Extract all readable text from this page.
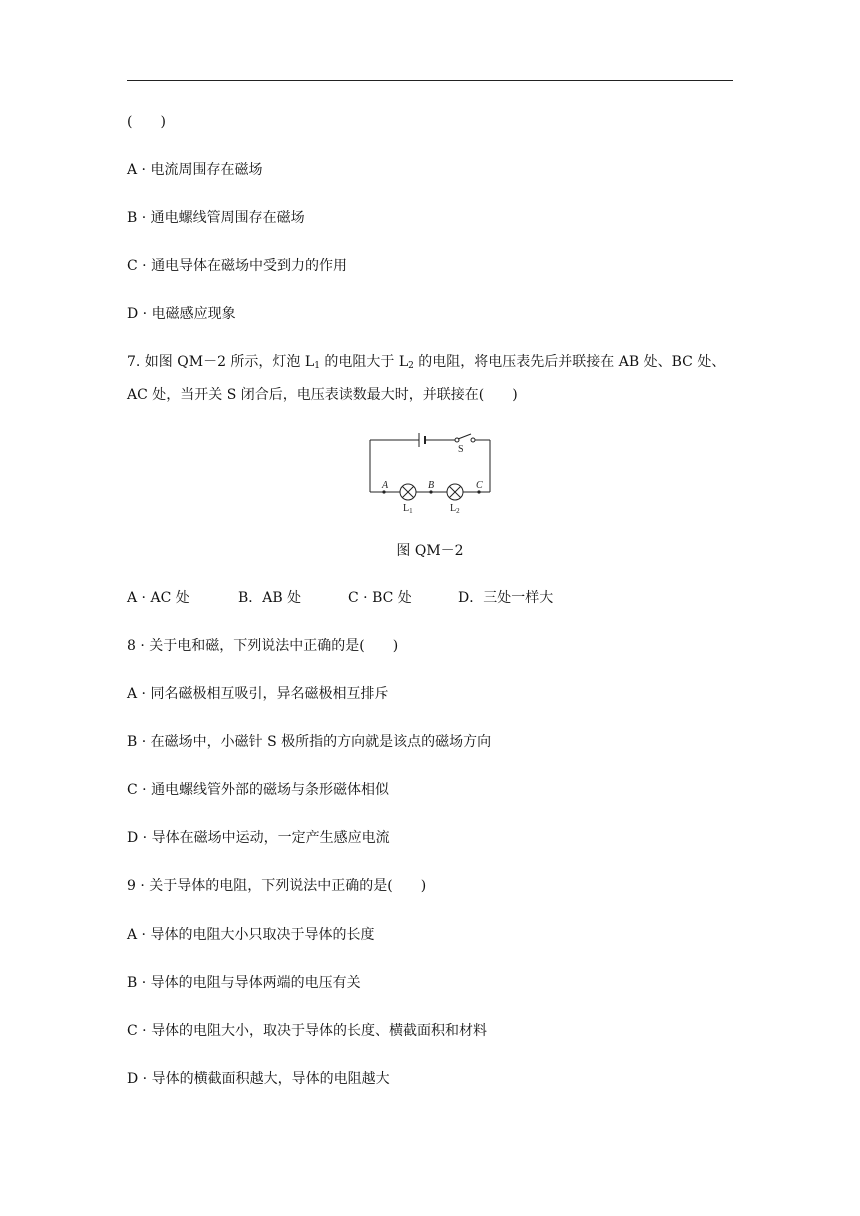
(　　)
A · 电流周围存在磁场
B · 通电螺线管周围存在磁场
C · 通电导体在磁场中受到力的作用
D · 电磁感应现象
7. 如图 QM－2 所示，灯泡 $L_1$ 的电阻大于 $L_2$ 的电阻，将电压表先后并联接在 AB 处、BC 处、
AC 处，当开关 S 闭合后，电压表读数最大时，并联接在(　　)
S
A	B	C
$L_1$	$L_2$
图 QM－2
A · AC 处	B．AB 处	C · BC 处	D．三处一样大
8 · 关于电和磁，下列说法中正确的是(　　)
A · 同名磁极相互吸引，异名磁极相互排斥
B · 在磁场中，小磁针 S 极所指的方向就是该点的磁场方向
C · 通电螺线管外部的磁场与条形磁体相似
D · 导体在磁场中运动，一定产生感应电流
9 · 关于导体的电阻，下列说法中正确的是(　　)
A · 导体的电阻大小只取决于导体的长度
B · 导体的电阻与导体两端的电压有关
C · 导体的电阻大小，取决于导体的长度、横截面积和材料
D · 导体的横截面积越大，导体的电阻越大
